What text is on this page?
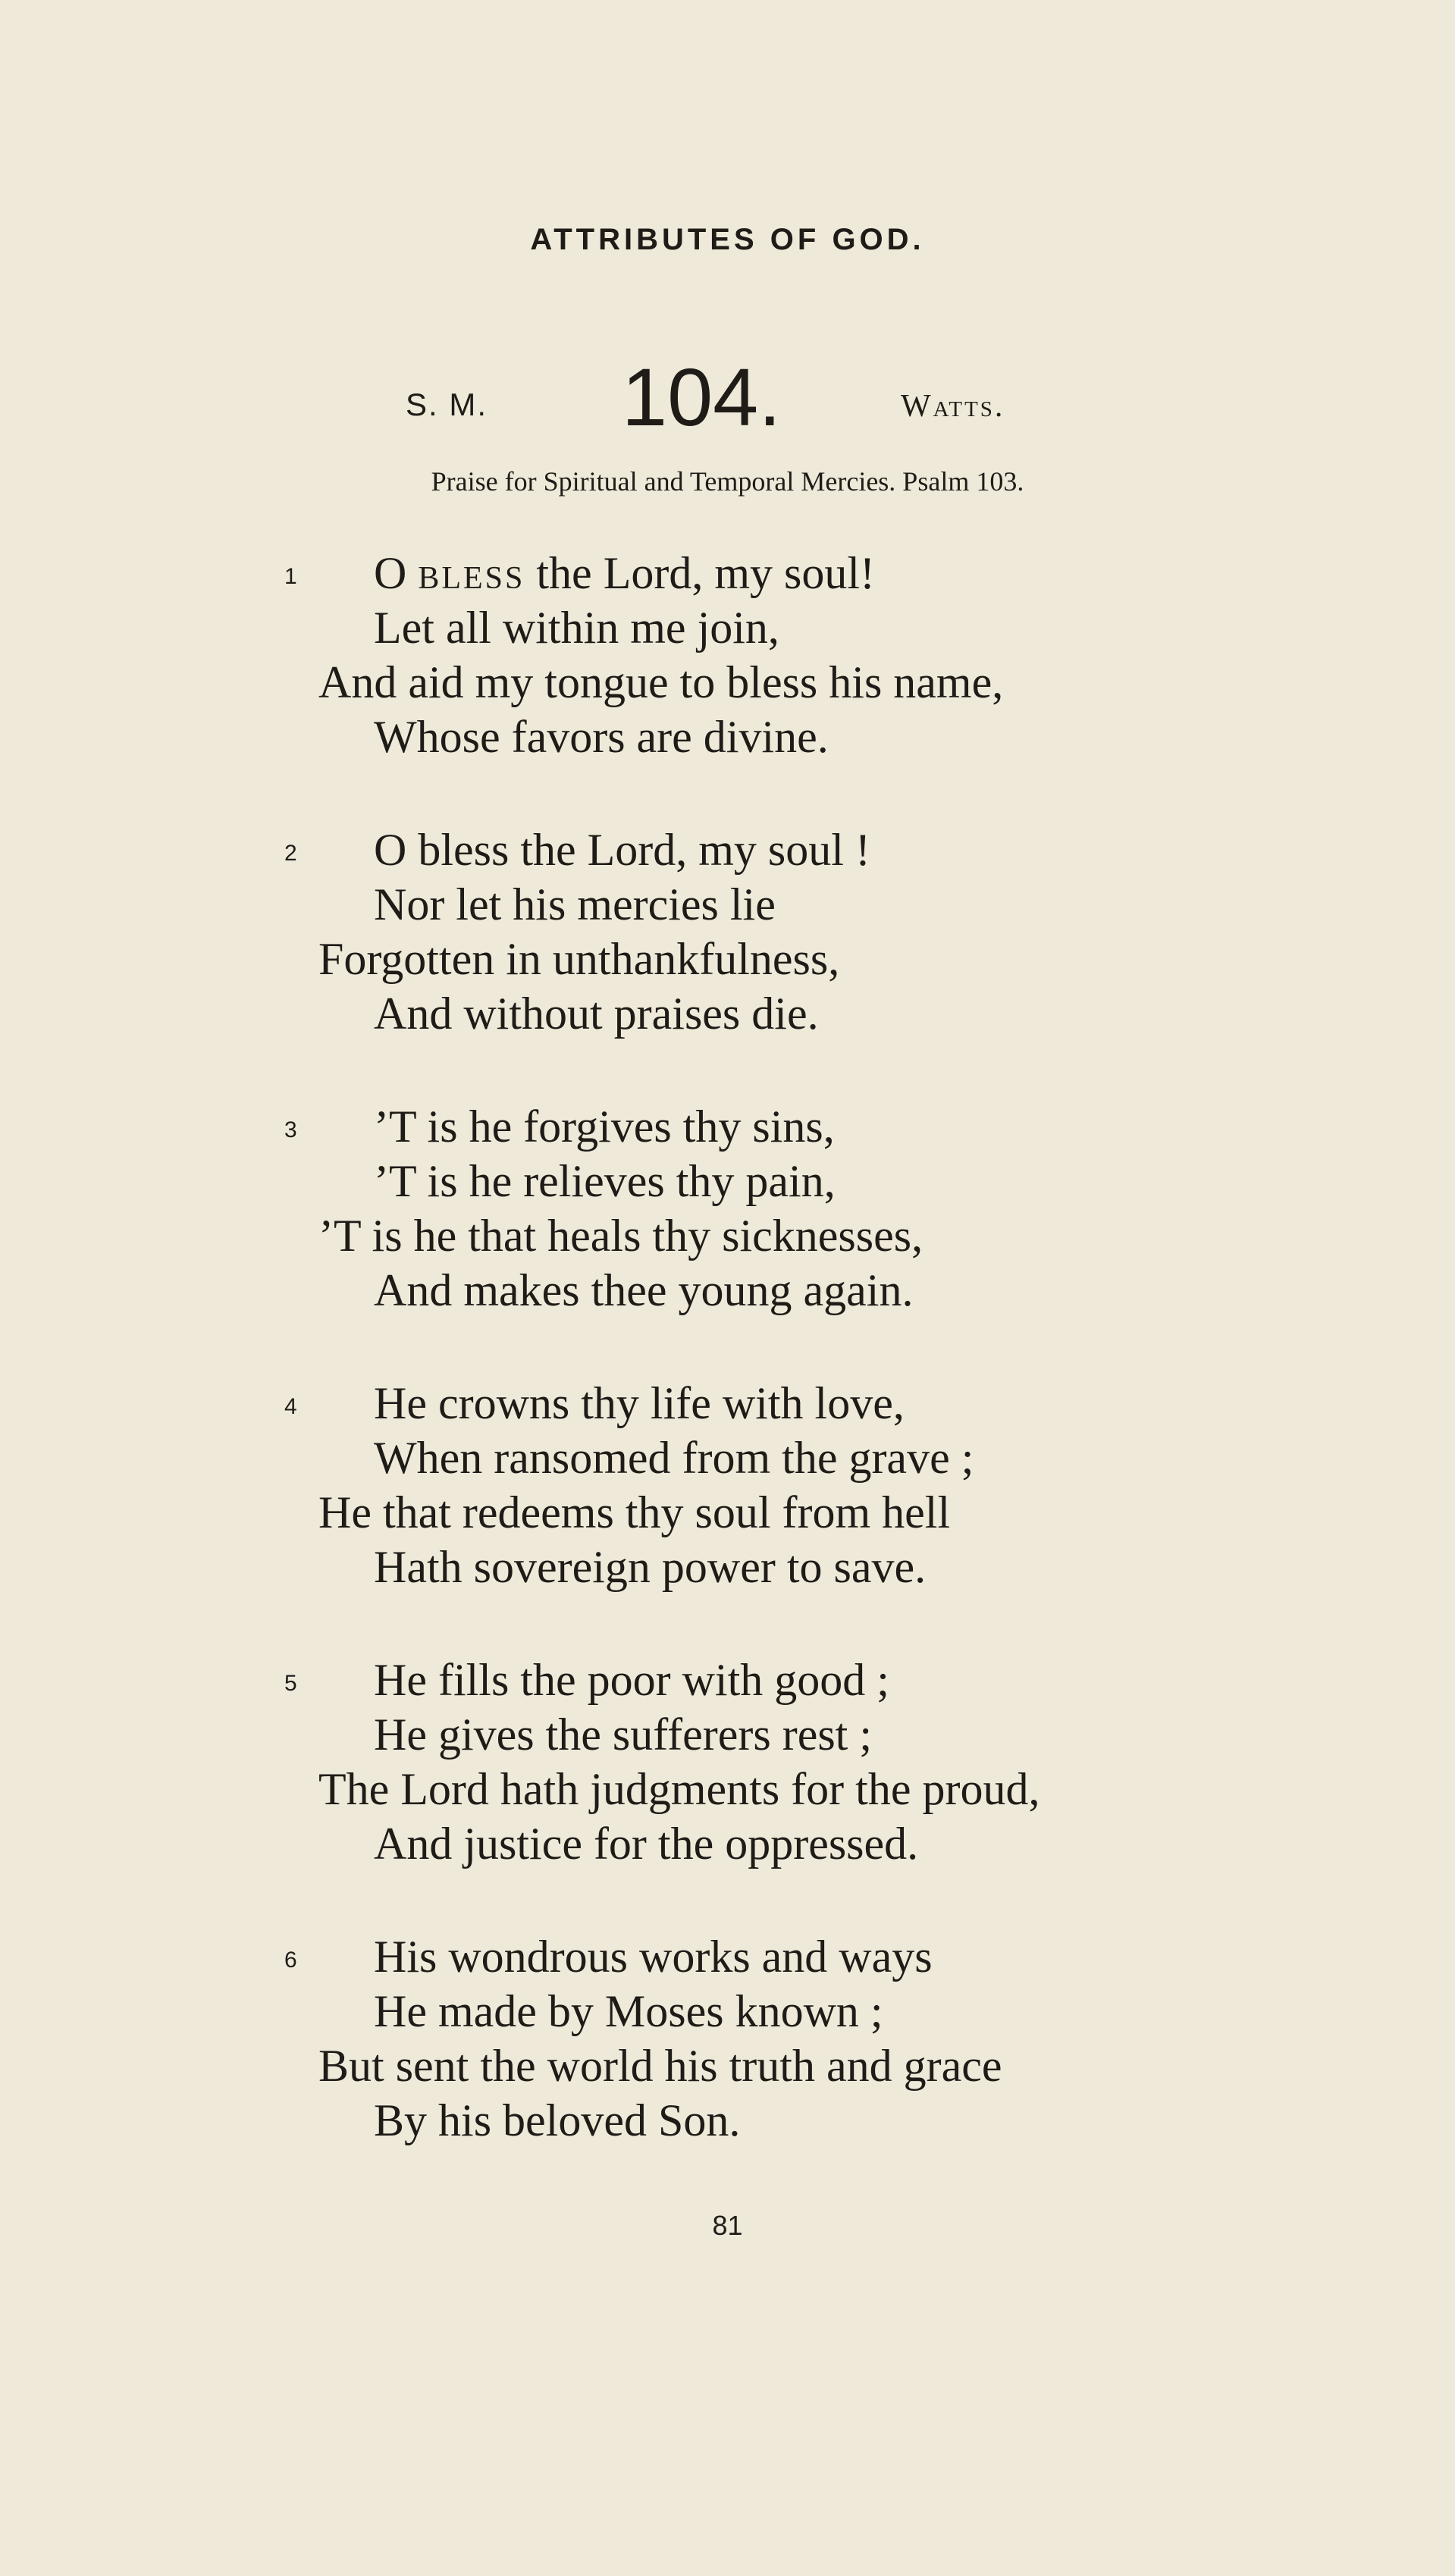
ATTRIBUTES OF GOD.
S. M. 104.	Watts.
Praise for Spiritual and Temporal Mercies. Psalm 103.
1 O bless the Lord, my soul!
Let all within me join,
And aid my tongue to bless his name,
Whose favors are divine.
2 O bless the Lord, my soul !
Nor let his mercies lie
Forgotten in unthankfulness,
And without praises die.
3 ’T is he forgives thy sins,
’T is he relieves thy pain,
’T is he that heals thy sicknesses,
And makes thee young again.
4 He crowns thy life with love,
When ransomed from the grave ;
He that redeems thy soul from hell
Hath sovereign power to save.
5 He fills the poor with good ;
He gives the sufferers rest ;
The Lord hath judgments for the proud,
And justice for the oppressed.
6 His wondrous works and ways
He made by Moses known ;
But sent the world his truth and grace
By his beloved Son.
81
